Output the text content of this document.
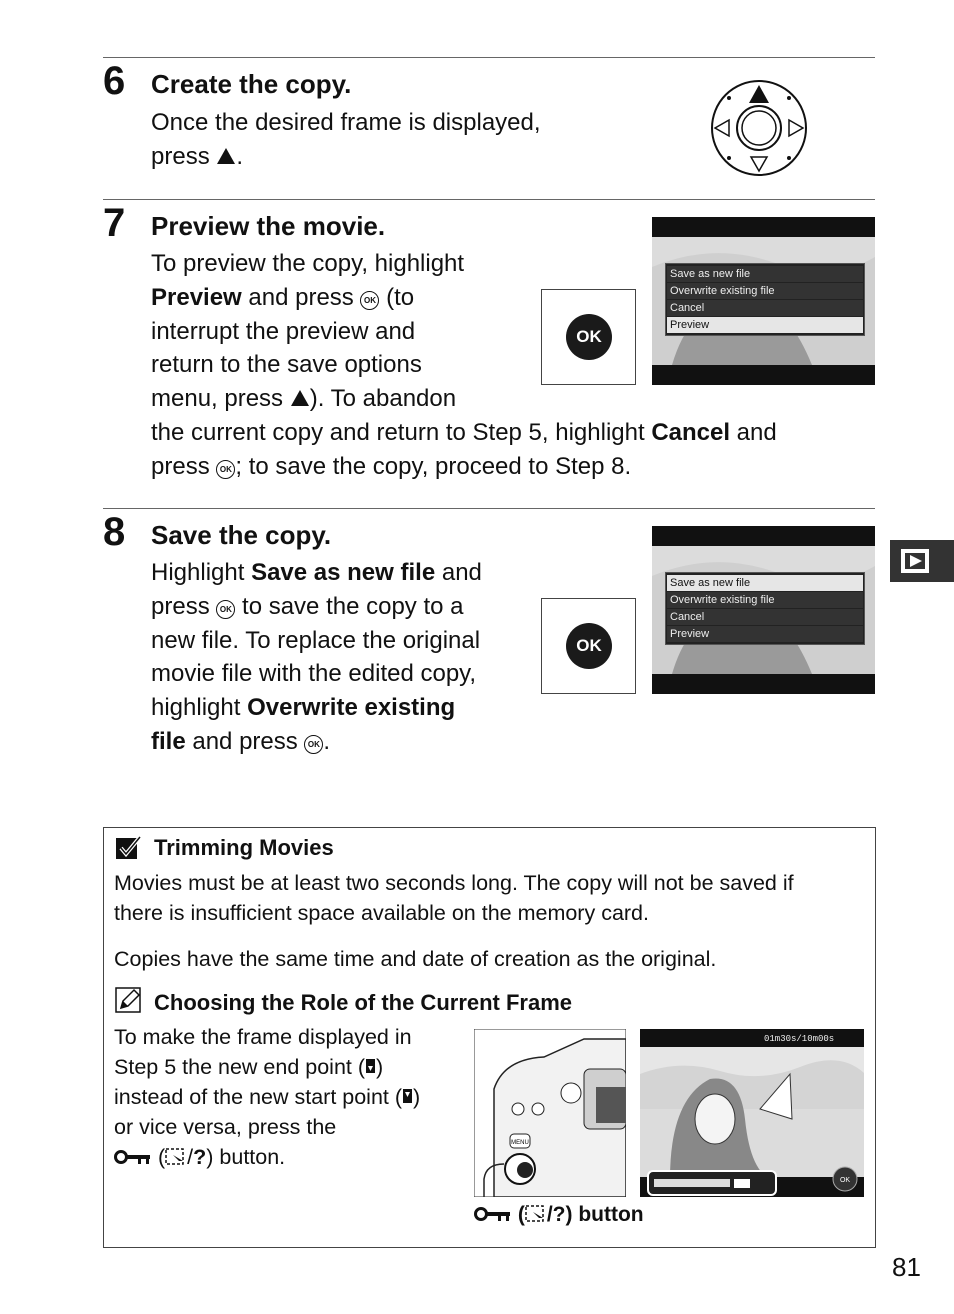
6 Create the copy.
Once the desired frame is displayed,
press .
7 Preview the movie.
To preview the copy, highlight
Preview and press OK (to
interrupt the preview and
return to the save options
menu, press ). To abandon
the current copy and return to Step 5, highlight Cancel and
press OK ; to save the copy, proceed to Step 8.
OK
Save as new file
Overwrite existing file
Cancel
Preview
8 Save the copy.
Highlight Save as new file and
press OK to save the copy to a
new file. To replace the original
movie file with the edited copy,
highlight Overwrite existing
file and press OK .
OK
Save as new file
Overwrite existing file
Cancel
Preview
Trimming Movies
Movies must be at least two seconds long. The copy will not be saved if
there is insufficient space available on the memory card.
Copies have the same time and date of creation as the original.
Choosing the Role of the Current Frame
To make the frame displayed in
Step 5 the new end point ( )
instead of the new start point ( )
or vice versa, press the
( /?) button.
MENU
01m30s/10m00s
OK
( /?) button
81
